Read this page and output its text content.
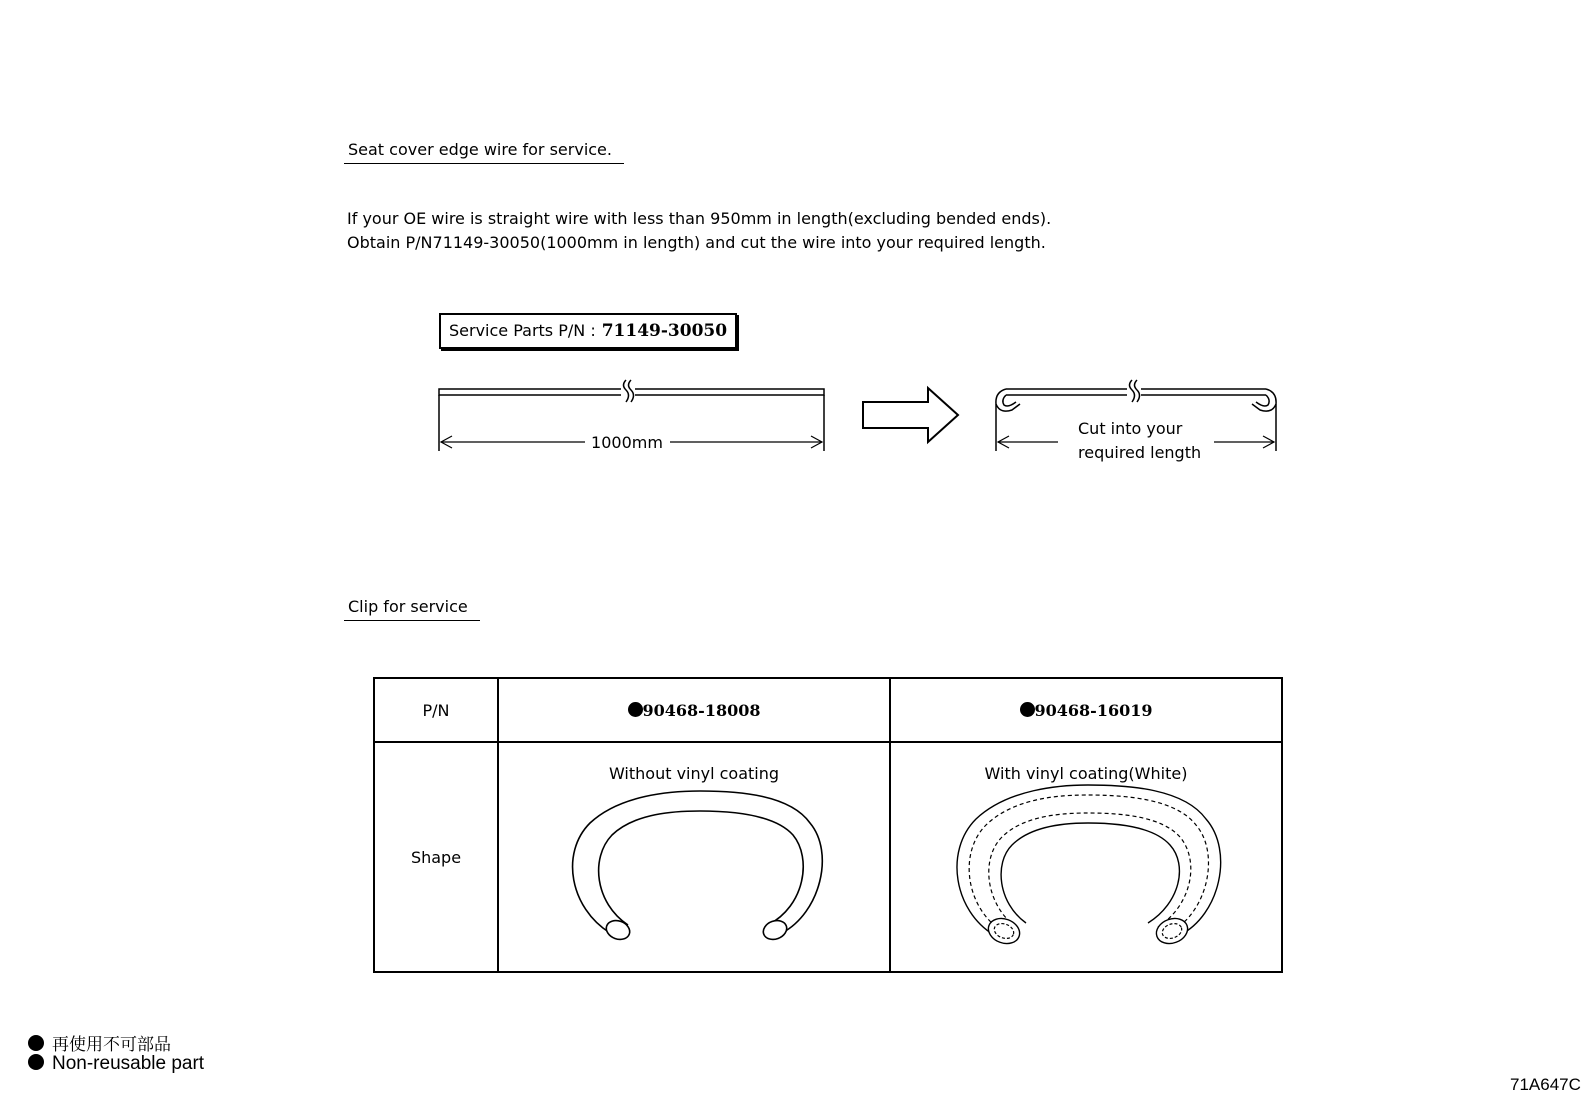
Seat cover edge wire for service.
If your OE wire is straight wire with less than 950mm in length(excluding bended ends).
Obtain P/N71149-30050(1000mm in length) and cut the wire into your required length.
Service Parts P/N : 71149-30050
1000mm
Cut into your
required length
Clip for service
P/N	90468-18008	90468-16019
Shape	Without vinyl coating	With vinyl coating(White)
再使用不可部品
Non-reusable part
71A647C
